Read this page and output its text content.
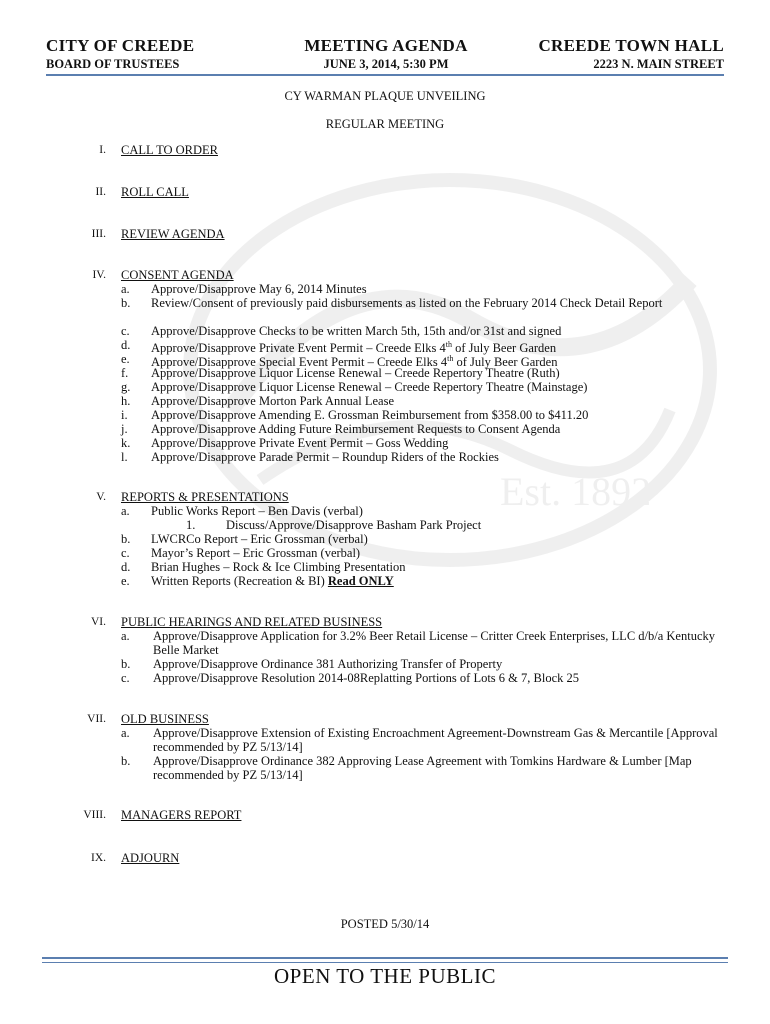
Est. 1892
CITY OF CREEDE
BOARD OF TRUSTEES
MEETING AGENDA
JUNE 3, 2014, 5:30 PM
CREEDE TOWN HALL
2223 N. MAIN STREET
CY WARMAN PLAQUE UNVEILING
REGULAR MEETING
I. CALL TO ORDER
II. ROLL CALL
III. REVIEW AGENDA
IV. CONSENT AGENDA
a. Approve/Disapprove May 6, 2014 Minutes
b. Review/Consent of previously paid disbursements as listed on the February 2014 Check Detail Report
c. Approve/Disapprove Checks to be written March 5th, 15th and/or 31st and signed
d. Approve/Disapprove Private Event Permit – Creede Elks 4th of July Beer Garden
e. Approve/Disapprove Special Event Permit – Creede Elks 4th of July Beer Garden
f. Approve/Disapprove Liquor License Renewal – Creede Repertory Theatre (Ruth)
g. Approve/Disapprove Liquor License Renewal – Creede Repertory Theatre (Mainstage)
h. Approve/Disapprove Morton Park Annual Lease
i. Approve/Disapprove Amending E. Grossman Reimbursement from $358.00 to $411.20
j. Approve/Disapprove Adding Future Reimbursement Requests to Consent Agenda
k. Approve/Disapprove Private Event Permit – Goss Wedding
l. Approve/Disapprove Parade Permit – Roundup Riders of the Rockies
V. REPORTS & PRESENTATIONS
a. Public Works Report – Ben Davis (verbal)
1. Discuss/Approve/Disapprove Basham Park Project
b. LWCRCo Report – Eric Grossman (verbal)
c. Mayor’s Report – Eric Grossman (verbal)
d. Brian Hughes – Rock & Ice Climbing Presentation
e. Written Reports (Recreation & BI) Read ONLY
VI. PUBLIC HEARINGS AND RELATED BUSINESS
a. Approve/Disapprove Application for 3.2% Beer Retail License – Critter Creek Enterprises, LLC d/b/a Kentucky Belle Market
b. Approve/Disapprove Ordinance 381 Authorizing Transfer of Property
c. Approve/Disapprove Resolution 2014-08Replatting Portions of Lots 6 & 7, Block 25
VII. OLD BUSINESS
a. Approve/Disapprove Extension of Existing Encroachment Agreement-Downstream Gas & Mercantile [Approval recommended by PZ 5/13/14]
b. Approve/Disapprove Ordinance 382 Approving Lease Agreement with Tomkins Hardware & Lumber [Map recommended by PZ 5/13/14]
VIII. MANAGERS REPORT
IX. ADJOURN
POSTED 5/30/14
OPEN TO THE PUBLIC
